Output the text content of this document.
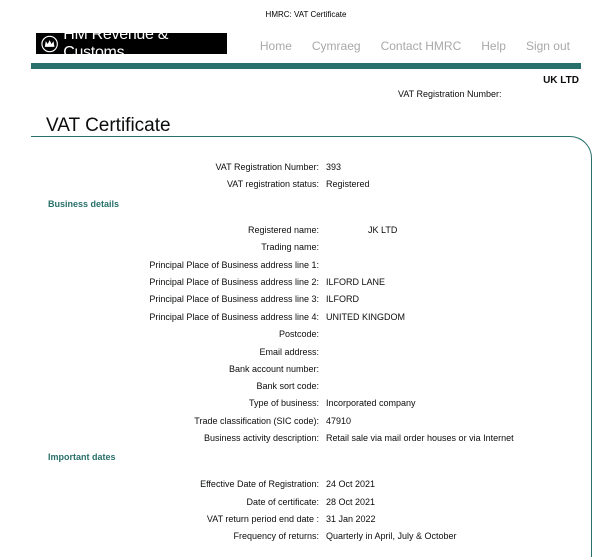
HMRC: VAT Certificate
HM Revenue & Customs	Home Cymraeg Contact HMRC Help Sign out
UK LTD
VAT Registration Number:
VAT Certificate
VAT Registration Number: 393
VAT registration status: Registered
Business details
Registered name:	JK LTD
Trading name:
Principal Place of Business address line 1:
Principal Place of Business address line 2: ILFORD LANE
Principal Place of Business address line 3: ILFORD
Principal Place of Business address line 4: UNITED KINGDOM
Postcode:
Email address:
Bank account number:
Bank sort code:
Type of business: Incorporated company
Trade classification (SIC code): 47910
Business activity description: Retail sale via mail order houses or via Internet
Important dates
Effective Date of Registration: 24 Oct 2021
Date of certificate: 28 Oct 2021
VAT return period end date : 31 Jan 2022
Frequency of returns: Quarterly in April, July & October
